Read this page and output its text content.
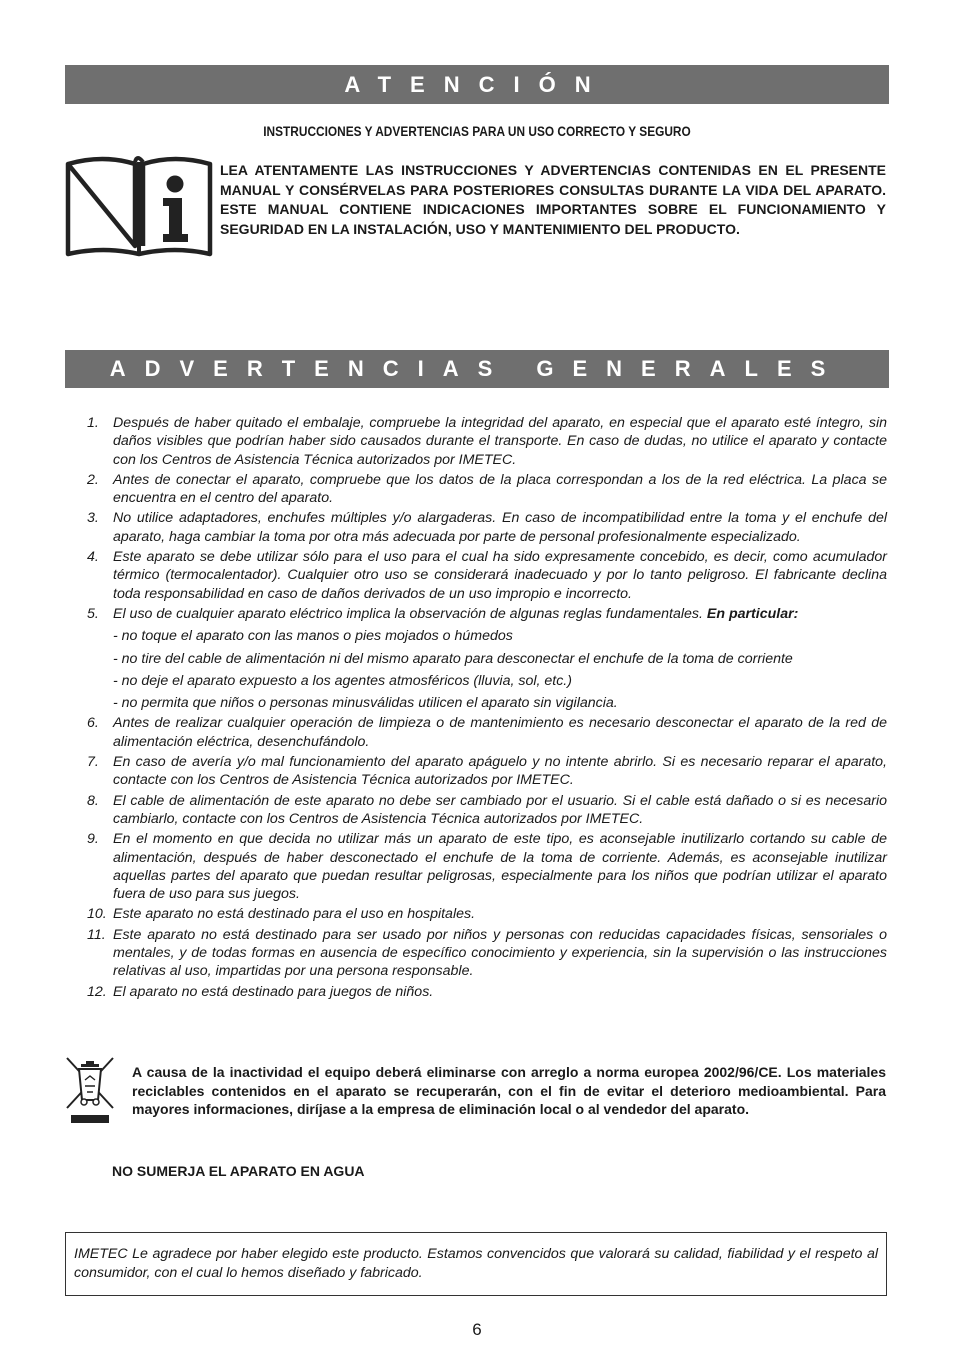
ATENCIÓN
INSTRUCCIONES Y ADVERTENCIAS PARA UN USO CORRECTO Y SEGURO
LEA ATENTAMENTE LAS INSTRUCCIONES Y ADVERTENCIAS CONTENIDAS EN EL PRESENTE
MANUAL Y CONSÉRVELAS PARA POSTERIORES CONSULTAS DURANTE LA VIDA DEL APARATO.
ESTE MANUAL CONTIENE INDICACIONES IMPORTANTES SOBRE EL FUNCIONAMIENTO Y
SEGURIDAD EN LA INSTALACIÓN, USO Y MANTENIMIENTO DEL PRODUCTO.
ADVERTENCIAS GENERALES
1. Después de haber quitado el embalaje, compruebe la integridad del aparato, en especial que el aparato esté íntegro, sin daños visibles que podrían haber sido causados durante el transporte. En caso de dudas, no utilice el aparato y contacte con los Centros de Asistencia Técnica autorizados por IMETEC.
2. Antes de conectar el aparato, compruebe que los datos de la placa correspondan a los de la red eléctrica. La placa se encuentra en el centro del aparato.
3. No utilice adaptadores, enchufes múltiples y/o alargaderas. En caso de incompatibilidad entre la toma y el enchufe del aparato, haga cambiar la toma por otra más adecuada por parte de personal profesionalmente especializado.
4. Este aparato se debe utilizar sólo para el uso para el cual ha sido expresamente concebido, es decir, como acumulador térmico (termocalentador). Cualquier otro uso se considerará inadecuado y por lo tanto peligroso. El fabricante declina toda responsabilidad en caso de daños derivados de un uso impropio e incorrecto.
5. El uso de cualquier aparato eléctrico implica la observación de algunas reglas fundamentales. En particular:
- no toque el aparato con las manos o pies mojados o húmedos
- no tire del cable de alimentación ni del mismo aparato para desconectar el enchufe de la toma de corriente
- no deje el aparato expuesto a los agentes atmosféricos (lluvia, sol, etc.)
- no permita que niños o personas minusválidas utilicen el aparato sin vigilancia.
6. Antes de realizar cualquier operación de limpieza o de mantenimiento es necesario desconectar el aparato de la red de alimentación eléctrica, desenchufándolo.
7. En caso de avería y/o mal funcionamiento del aparato apáguelo y no intente abrirlo. Si es necesario reparar el aparato, contacte con los Centros de Asistencia Técnica autorizados por IMETEC.
8. El cable de alimentación de este aparato no debe ser cambiado por el usuario. Si el cable está dañado o si es necesario cambiarlo, contacte con los Centros de Asistencia Técnica autorizados por IMETEC.
9. En el momento en que decida no utilizar más un aparato de este tipo, es aconsejable inutilizarlo cortando su cable de alimentación, después de haber desconectado el enchufe de la toma de corriente. Además, es aconsejable inutilizar aquellas partes del aparato que puedan resultar peligrosas, especialmente para los niños que podrían utilizar el aparato fuera de uso para sus juegos.
10. Este aparato no está destinado para el uso en hospitales.
11. Este aparato no está destinado para ser usado por niños y personas con reducidas capacidades físicas, sensoriales o mentales, y de todas formas en ausencia de específico conocimiento y experiencia, sin la supervisión o las instrucciones relativas al uso, impartidas por una persona responsable.
12. El aparato no está destinado para juegos de niños.
A causa de la inactividad el equipo deberá eliminarse con arreglo a norma europea 2002/96/CE. Los materiales reciclables contenidos en el aparato se recuperarán, con el fin de evitar el deterioro medioambiental. Para mayores informaciones, diríjase a la empresa de eliminación local o al vendedor del aparato.
NO SUMERJA EL APARATO EN AGUA
IMETEC Le agradece por haber elegido este producto. Estamos convencidos que valorará su calidad, fiabilidad y el respeto al consumidor, con el cual lo hemos diseñado y fabricado.
6
